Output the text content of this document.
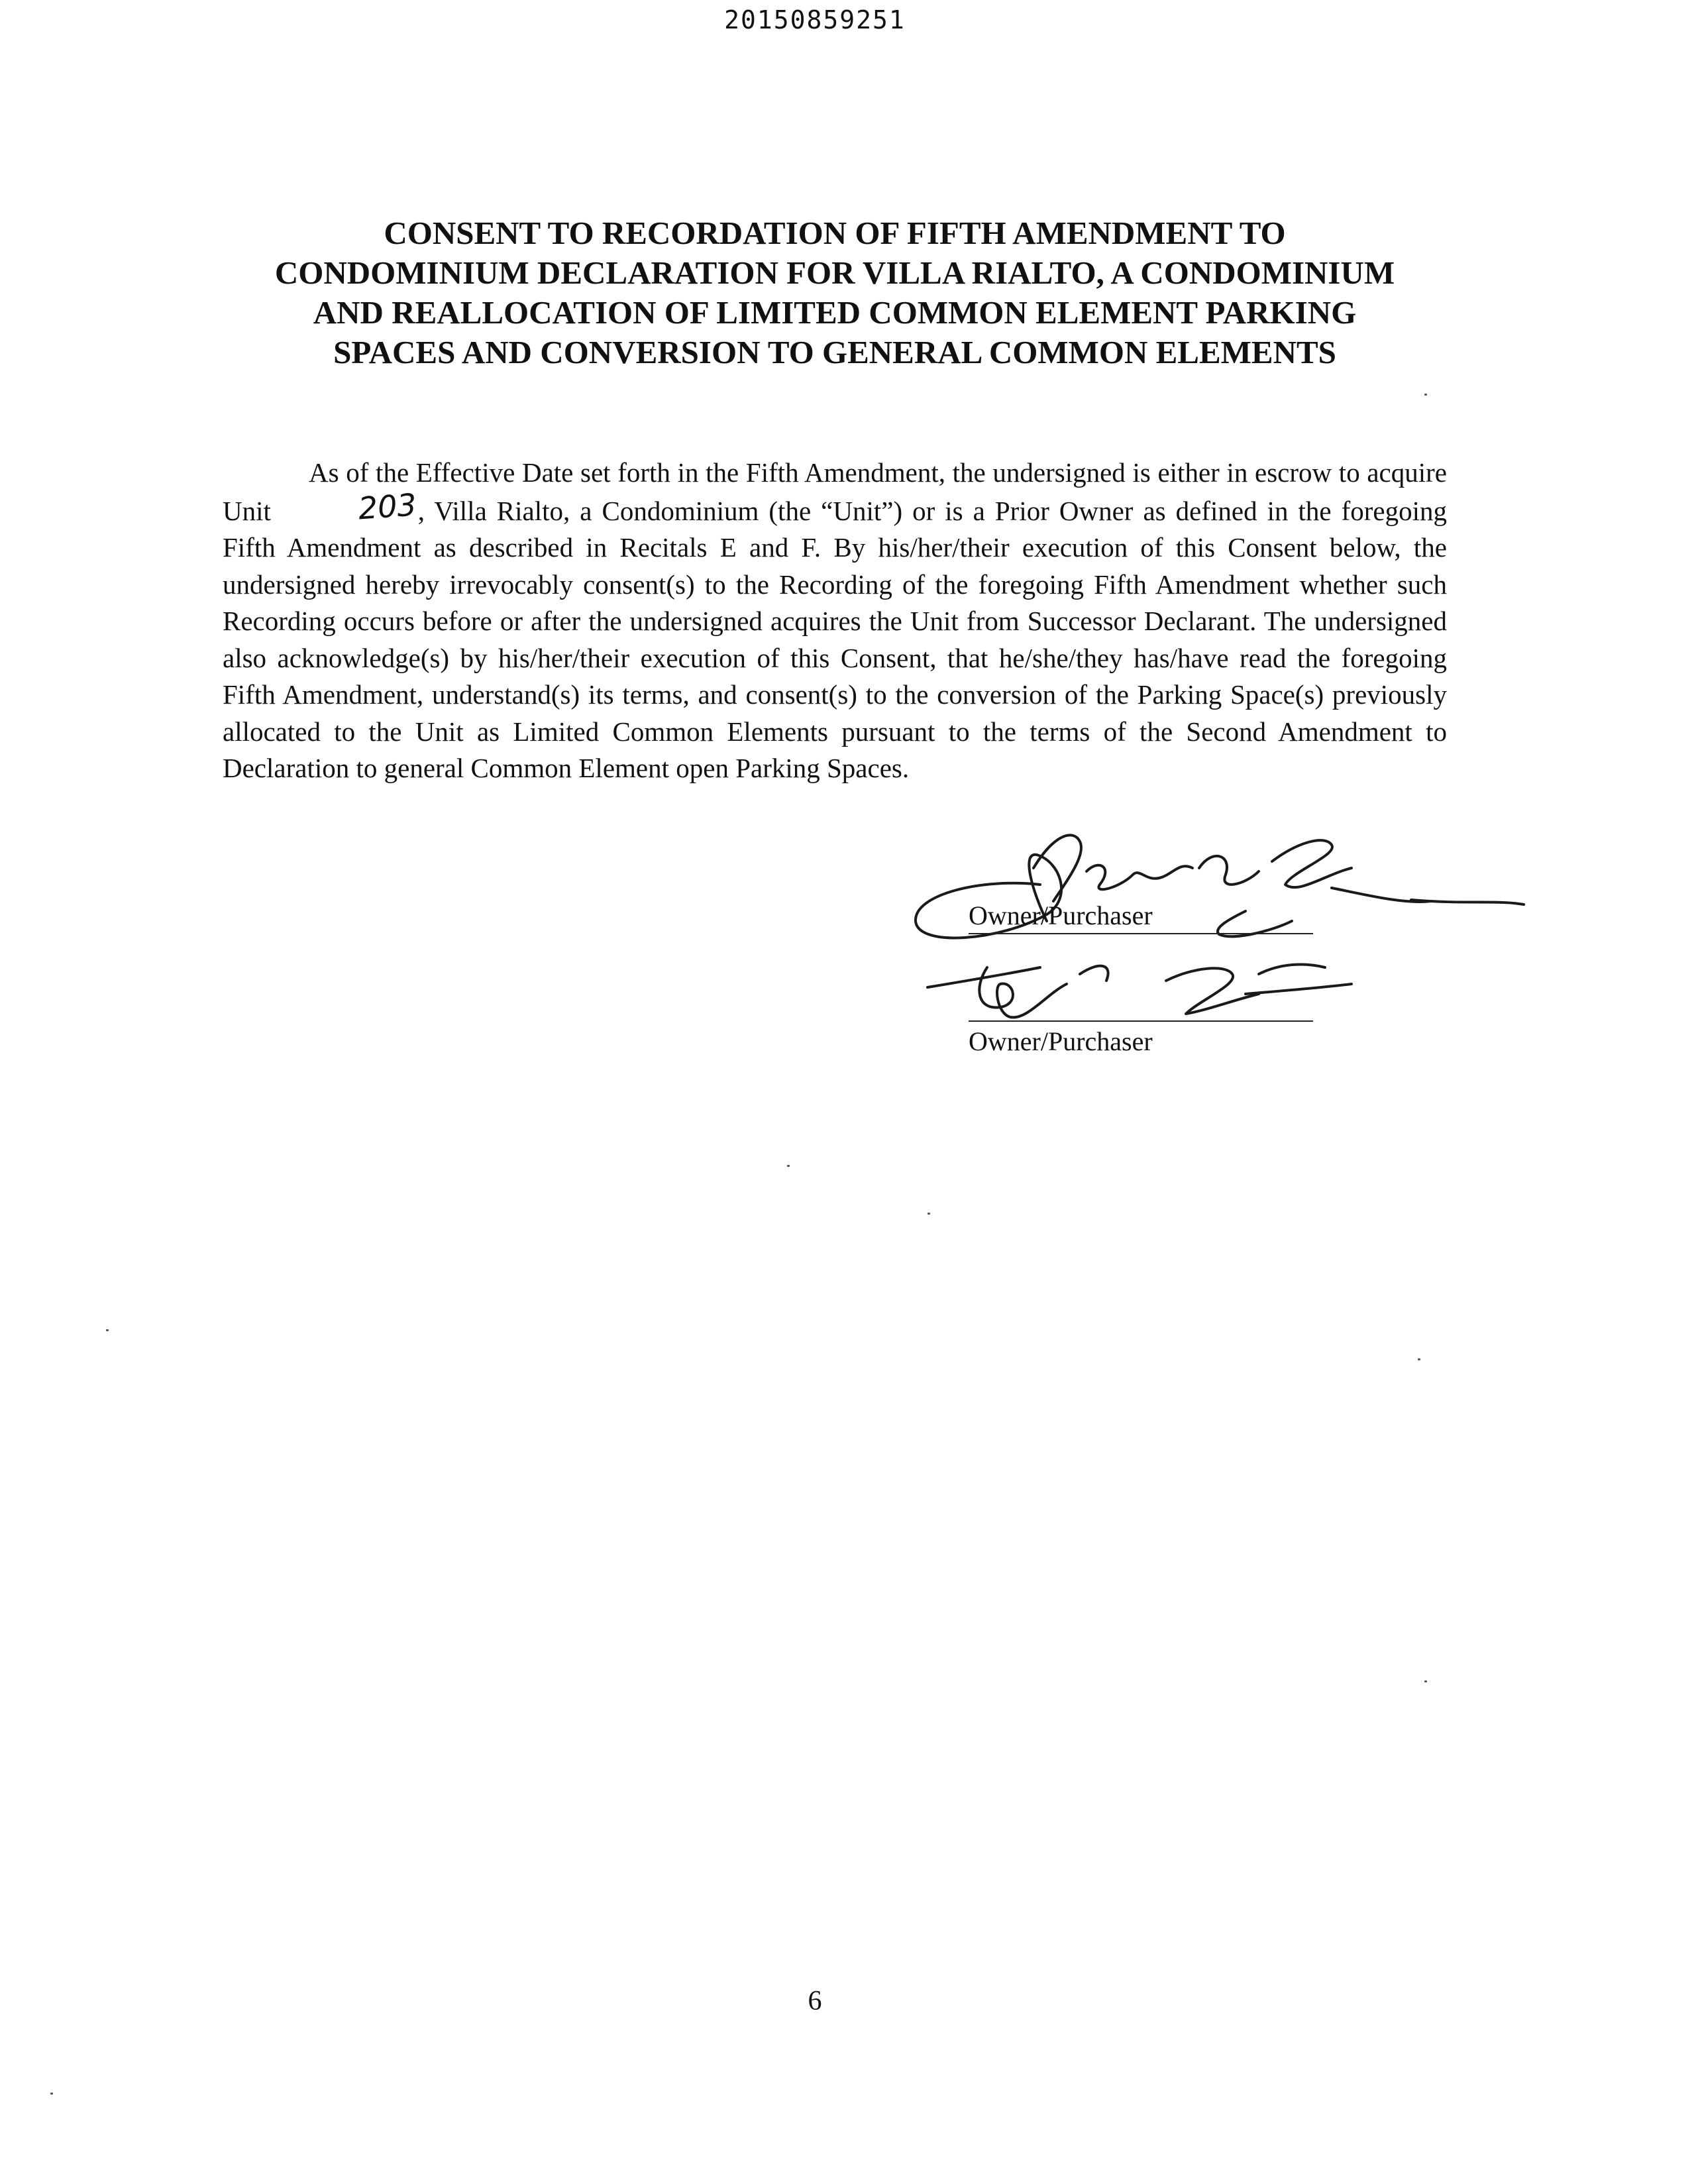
20150859251
CONSENT TO RECORDATION OF FIFTH AMENDMENT TO
CONDOMINIUM DECLARATION FOR VILLA RIALTO, A CONDOMINIUM
AND REALLOCATION OF LIMITED COMMON ELEMENT PARKING
SPACES AND CONVERSION TO GENERAL COMMON ELEMENTS

As of the Effective Date set forth in the Fifth Amendment, the undersigned is either in escrow to acquire Unit	203, Villa Rialto, a Condominium (the “Unit”) or is a Prior Owner as defined in the foregoing Fifth Amendment as described in Recitals E and F. By his/her/their execution of this Consent below, the undersigned hereby irrevocably consent(s) to the Recording of the foregoing Fifth Amendment whether such Recording occurs before or after the undersigned acquires the Unit from Successor Declarant. The undersigned also acknowledge(s) by his/her/their execution of this Consent, that he/she/they has/have read the foregoing Fifth Amendment, understand(s) its terms, and consent(s) to the conversion of the Parking Space(s) previously allocated to the Unit as Limited Common Elements pursuant to the terms of the Second Amendment to Declaration to general Common Element open Parking Spaces.

Owner/Purchaser
Owner/Purchaser
6
